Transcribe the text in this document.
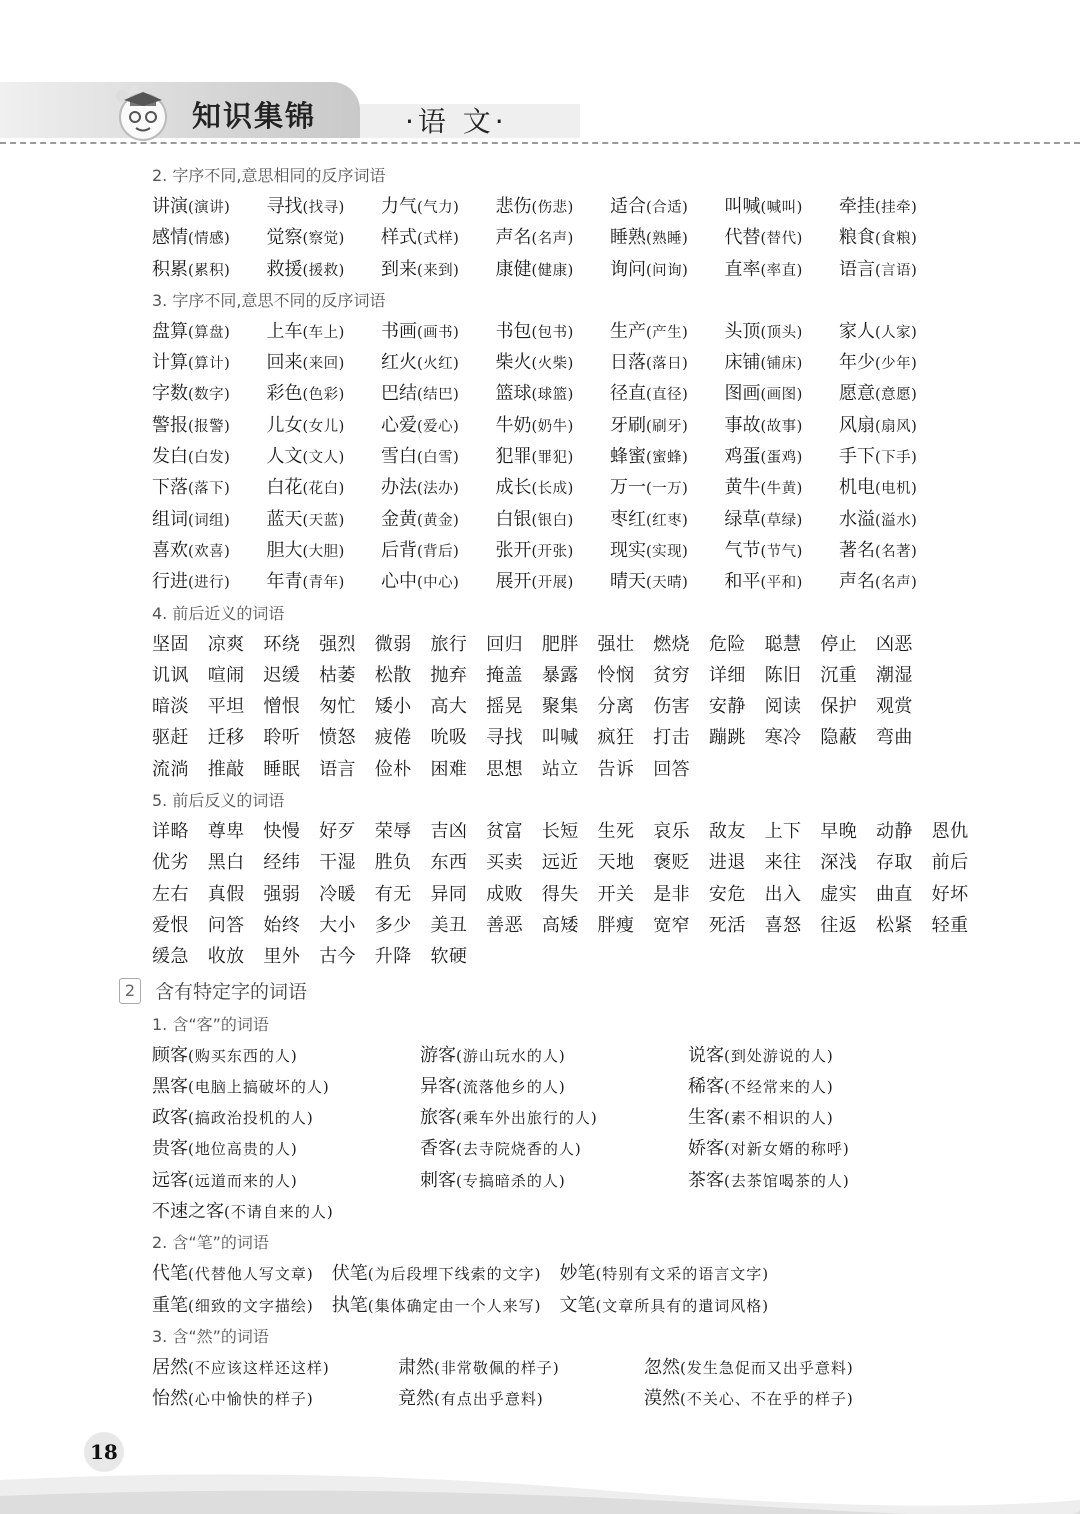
知识集锦	·语 文·
2. 字序不同,意思相同的反序词语
讲演(演讲)	寻找(找寻)	力气(气力)	悲伤(伤悲)	适合(合适)	叫喊(喊叫)	牵挂(挂牵)
感情(情感)	觉察(察觉)	样式(式样)	声名(名声)	睡熟(熟睡)	代替(替代)	粮食(食粮)
积累(累积)	救援(援救)	到来(来到)	康健(健康)	询问(问询)	直率(率直)	语言(言语)
3. 字序不同,意思不同的反序词语
盘算(算盘)	上车(车上)	书画(画书)	书包(包书)	生产(产生)	头顶(顶头)	家人(人家)
计算(算计)	回来(来回)	红火(火红)	柴火(火柴)	日落(落日)	床铺(铺床)	年少(少年)
字数(数字)	彩色(色彩)	巴结(结巴)	篮球(球篮)	径直(直径)	图画(画图)	愿意(意愿)
警报(报警)	儿女(女儿)	心爱(爱心)	牛奶(奶牛)	牙刷(刷牙)	事故(故事)	风扇(扇风)
发白(白发)	人文(文人)	雪白(白雪)	犯罪(罪犯)	蜂蜜(蜜蜂)	鸡蛋(蛋鸡)	手下(下手)
下落(落下)	白花(花白)	办法(法办)	成长(长成)	万一(一万)	黄牛(牛黄)	机电(电机)
组词(词组)	蓝天(天蓝)	金黄(黄金)	白银(银白)	枣红(红枣)	绿草(草绿)	水溢(溢水)
喜欢(欢喜)	胆大(大胆)	后背(背后)	张开(开张)	现实(实现)	气节(节气)	著名(名著)
行进(进行)	年青(青年)	心中(中心)	展开(开展)	晴天(天晴)	和平(平和)	声名(名声)
4. 前后近义的词语
坚固	凉爽	环绕	强烈	微弱	旅行	回归	肥胖	强壮	燃烧	危险	聪慧	停止	凶恶
讥讽	喧闹	迟缓	枯萎	松散	抛弃	掩盖	暴露	怜悯	贫穷	详细	陈旧	沉重	潮湿
暗淡	平坦	憎恨	匆忙	矮小	高大	摇晃	聚集	分离	伤害	安静	阅读	保护	观赏
驱赶	迁移	聆听	愤怒	疲倦	吮吸	寻找	叫喊	疯狂	打击	蹦跳	寒冷	隐蔽	弯曲
流淌	推敲	睡眠	语言	俭朴	困难	思想	站立	告诉	回答
5. 前后反义的词语
详略	尊卑	快慢	好歹	荣辱	吉凶	贫富	长短	生死	哀乐	敌友	上下	早晚	动静	恩仇
优劣	黑白	经纬	干湿	胜负	东西	买卖	远近	天地	褒贬	进退	来往	深浅	存取	前后
左右	真假	强弱	冷暖	有无	异同	成败	得失	开关	是非	安危	出入	虚实	曲直	好坏
爱恨	问答	始终	大小	多少	美丑	善恶	高矮	胖瘦	宽窄	死活	喜怒	往返	松紧	轻重
缓急	收放	里外	古今	升降	软硬
2	含有特定字的词语
1. 含“客”的词语
顾客(购买东西的人)	游客(游山玩水的人)	说客(到处游说的人)
黑客(电脑上搞破坏的人)	异客(流落他乡的人)	稀客(不经常来的人)
政客(搞政治投机的人)	旅客(乘车外出旅行的人)	生客(素不相识的人)
贵客(地位高贵的人)	香客(去寺院烧香的人)	娇客(对新女婿的称呼)
远客(远道而来的人)	刺客(专搞暗杀的人)	茶客(去茶馆喝茶的人)
不速之客(不请自来的人)
2. 含“笔”的词语
代笔(代替他人写文章)	伏笔(为后段埋下线索的文字)	妙笔(特别有文采的语言文字)
重笔(细致的文字描绘)	执笔(集体确定由一个人来写)	文笔(文章所具有的遣词风格)
3. 含“然”的词语
居然(不应该这样还这样)	肃然(非常敬佩的样子)	忽然(发生急促而又出乎意料)
怡然(心中愉快的样子)	竟然(有点出乎意料)	漠然(不关心、不在乎的样子)
18
